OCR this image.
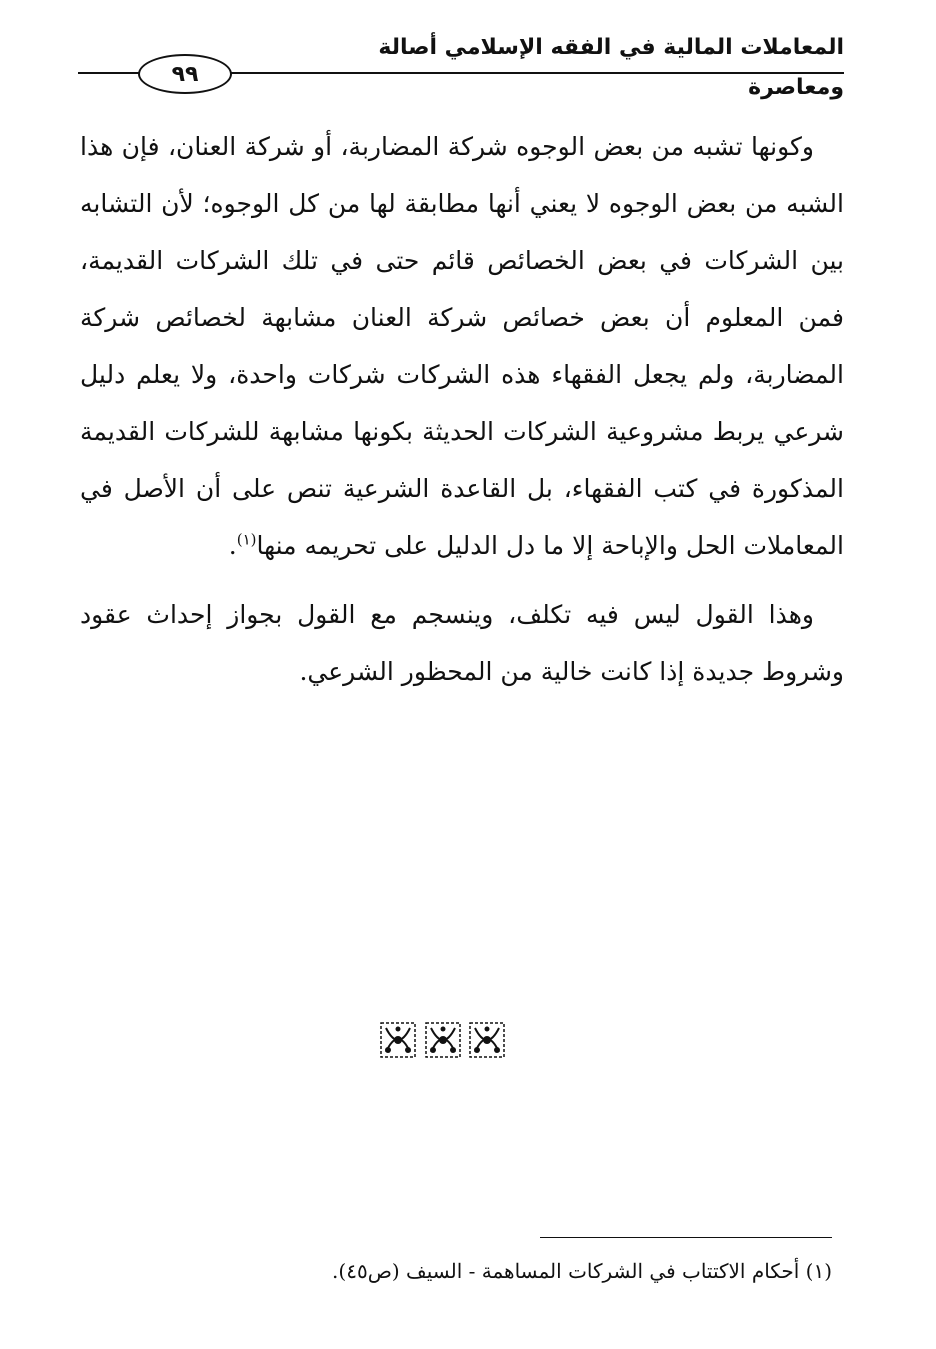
المعاملات المالية في الفقه الإسلامي أصالة ومعاصرة
٩٩

وكونها تشبه من بعض الوجوه شركة المضاربة، أو شركة العنان، فإن هذا الشبه من بعض الوجوه لا يعني أنها مطابقة لها من كل الوجوه؛ لأن التشابه بين الشركات في بعض الخصائص قائم حتى في تلك الشركات القديمة، فمن المعلوم أن بعض خصائص شركة العنان مشابهة لخصائص شركة المضاربة، ولم يجعل الفقهاء هذه الشركات شركات واحدة، ولا يعلم دليل شرعي يربط مشروعية الشركات الحديثة بكونها مشابهة للشركات القديمة المذكورة في كتب الفقهاء، بل القاعدة الشرعية تنص على أن الأصل في المعاملات الحل والإباحة إلا ما دل الدليل على تحريمه منها$^{(١)}$.

وهذا القول ليس فيه تكلف، وينسجم مع القول بجواز إحداث عقود وشروط جديدة إذا كانت خالية من المحظور الشرعي.

(١) أحكام الاكتتاب في الشركات المساهمة - السيف (ص٤٥).
